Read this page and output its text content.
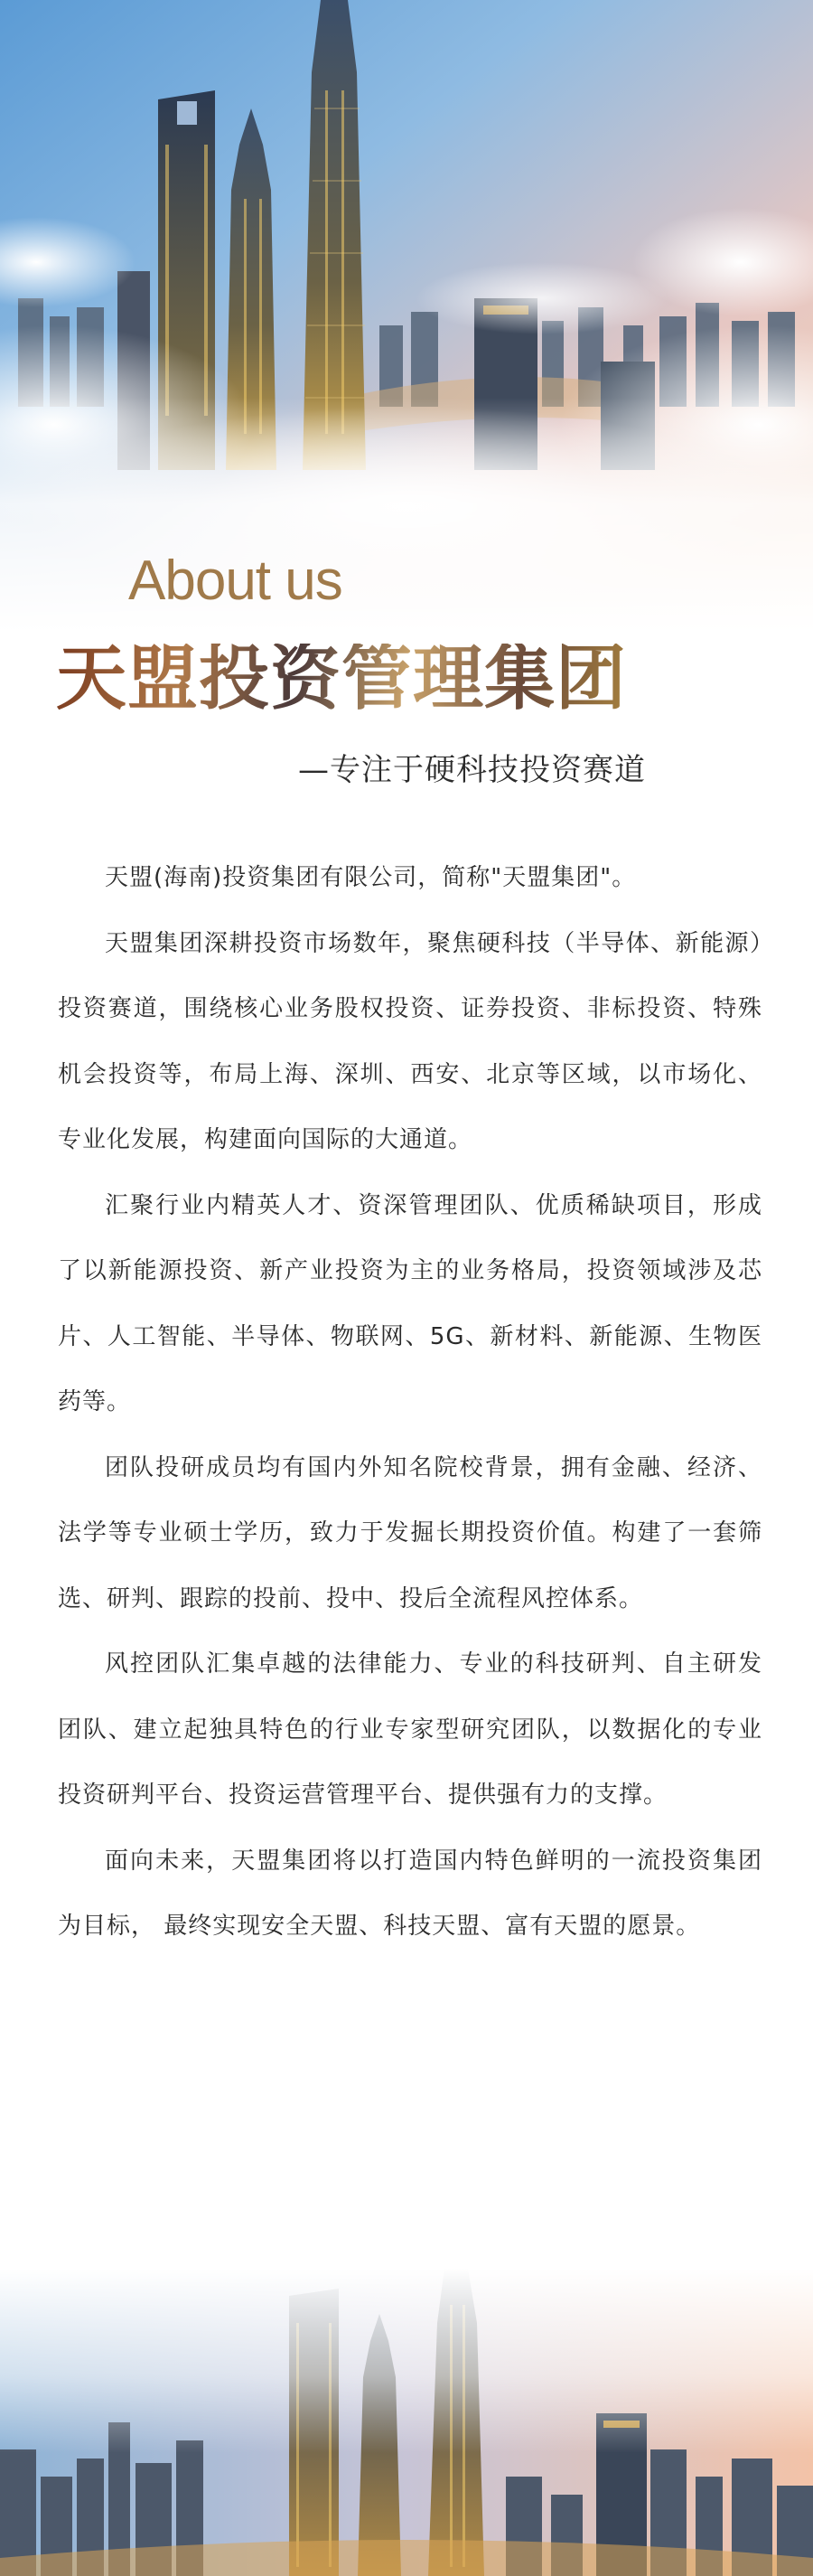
About us
天盟投资管理集团
—专注于硬科技投资赛道

天盟(海南)投资集团有限公司，简称"天盟集团"。

天盟集团深耕投资市场数年，聚焦硬科技（半导体、新能源）投资赛道，围绕核心业务股权投资、证券投资、非标投资、特殊机会投资等，布局上海、深圳、西安、北京等区域，以市场化、专业化发展，构建面向国际的大通道。

汇聚行业内精英人才、资深管理团队、优质稀缺项目，形成了以新能源投资、新产业投资为主的业务格局，投资领域涉及芯片、人工智能、半导体、物联网、5G、新材料、新能源、生物医药等。

团队投研成员均有国内外知名院校背景，拥有金融、经济、法学等专业硕士学历，致力于发掘长期投资价值。构建了一套筛选、研判、跟踪的投前、投中、投后全流程风控体系。

风控团队汇集卓越的法律能力、专业的科技研判、自主研发团队、建立起独具特色的行业专家型研究团队，以数据化的专业投资研判平台、投资运营管理平台、提供强有力的支撑。

面向未来，天盟集团将以打造国内特色鲜明的一流投资集团为目标， 最终实现安全天盟、科技天盟、富有天盟的愿景。
